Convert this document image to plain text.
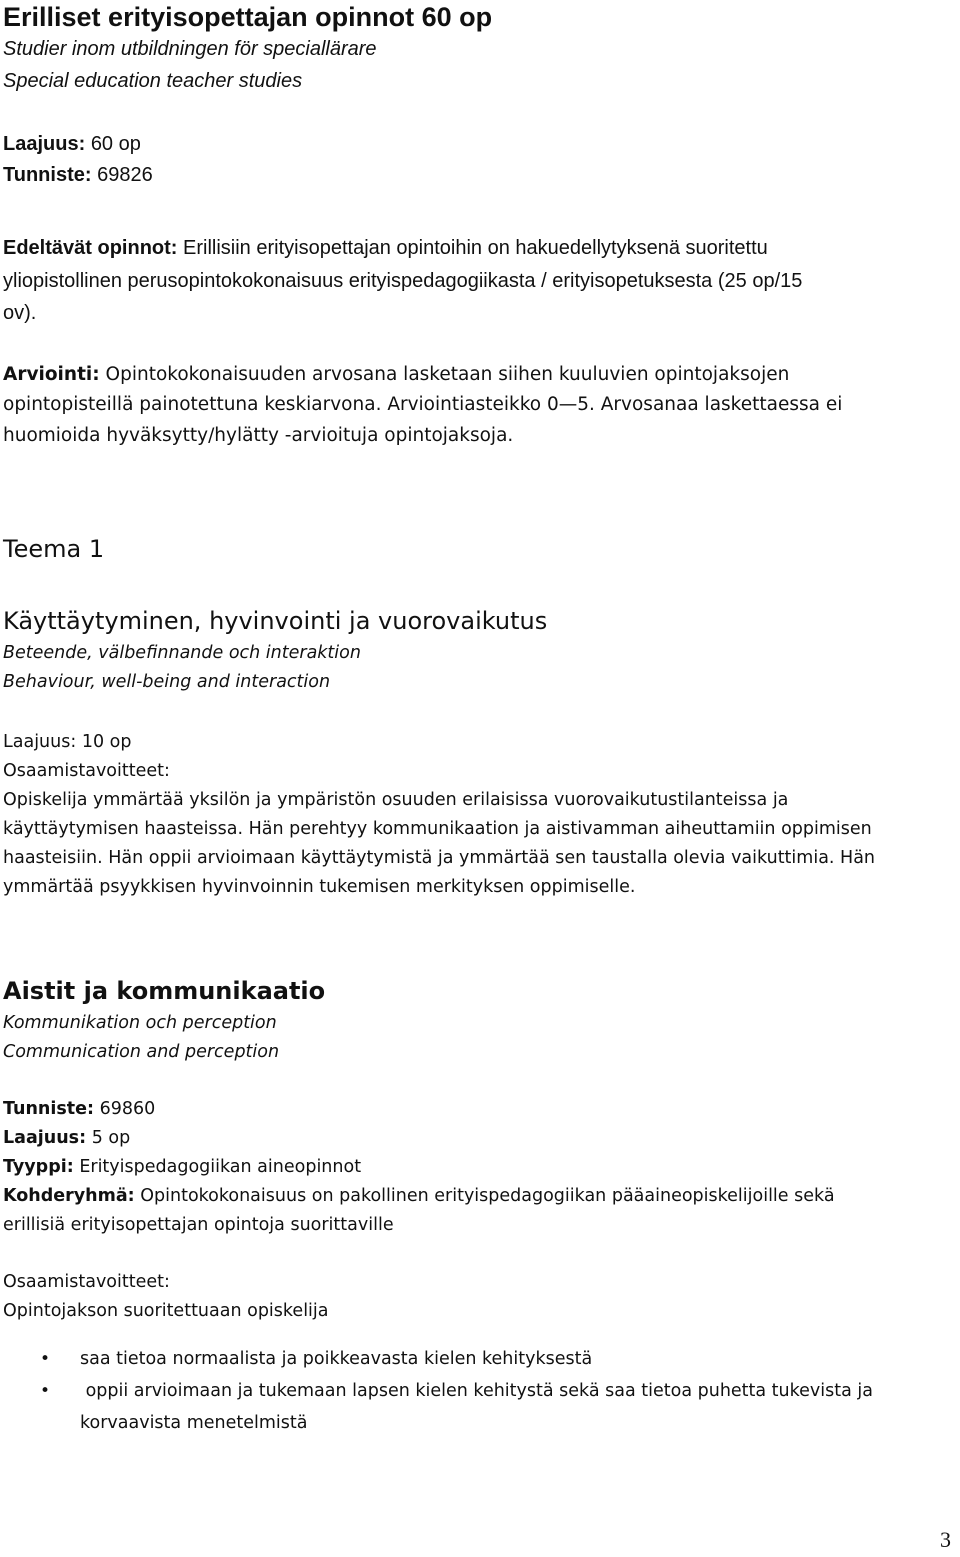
Erilliset erityisopettajan opinnot 60 op
Studier inom utbildningen för speciallärare
Special education teacher studies
Laajuus: 60 op
Tunniste: 69826
Edeltävät opinnot: Erillisiin erityisopettajan opintoihin on hakuedellytyksenä suoritettu
yliopistollinen perusopintokokonaisuus erityispedagogiikasta / erityisopetuksesta (25 op/15
ov).
Arviointi: Opintokokonaisuuden arvosana lasketaan siihen kuuluvien opintojaksojen
opintopisteillä painotettuna keskiarvona. Arviointiasteikko 0—5. Arvosanaa laskettaessa ei
huomioida hyväksytty/hylätty -arvioituja opintojaksoja.
Teema 1
Käyttäytyminen, hyvinvointi ja vuorovaikutus
Beteende, välbefinnande och interaktion
Behaviour, well-being and interaction
Laajuus: 10 op
Osaamistavoitteet:
Opiskelija ymmärtää yksilön ja ympäristön osuuden erilaisissa vuorovaikutustilanteissa ja
käyttäytymisen haasteissa. Hän perehtyy kommunikaation ja aistivamman aiheuttamiin oppimisen
haasteisiin. Hän oppii arvioimaan käyttäytymistä ja ymmärtää sen taustalla olevia vaikuttimia. Hän
ymmärtää psyykkisen hyvinvoinnin tukemisen merkityksen oppimiselle.
Aistit ja kommunikaatio
Kommunikation och perception
Communication and perception
Tunniste: 69860
Laajuus: 5 op
Tyyppi: Erityispedagogiikan aineopinnot
Kohderyhmä: Opintokokonaisuus on pakollinen erityispedagogiikan pääaineopiskelijoille sekä
erillisiä erityisopettajan opintoja suorittaville
Osaamistavoitteet:
Opintojakson suoritettuaan opiskelija
• saa tietoa normaalista ja poikkeavasta kielen kehityksestä
• oppii arvioimaan ja tukemaan lapsen kielen kehitystä sekä saa tietoa puhetta tukevista ja
korvaavista menetelmistä
3
